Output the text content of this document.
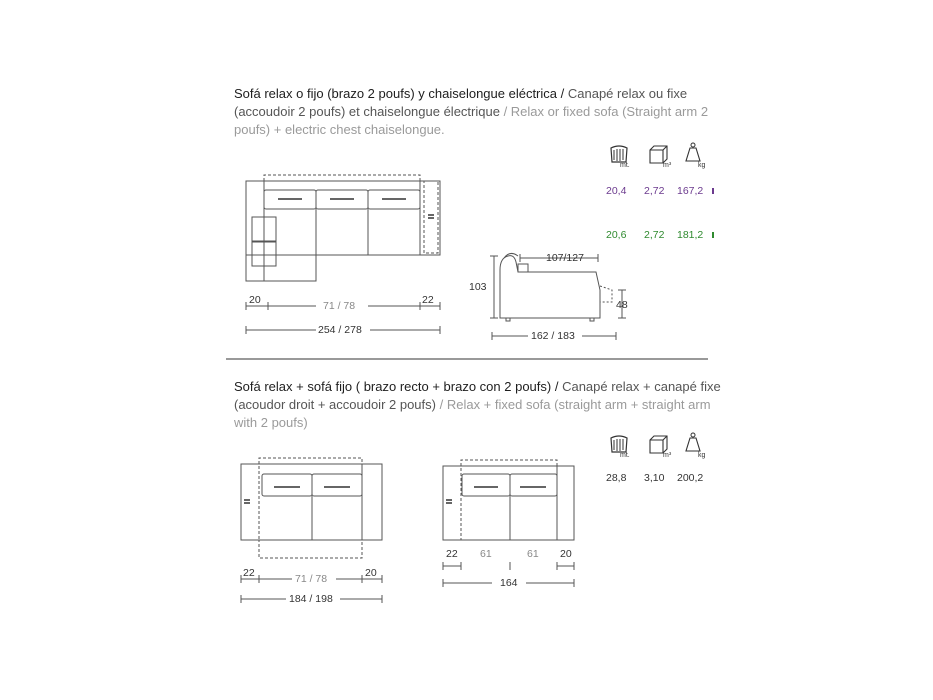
Sofá relax o fijo (brazo 2 poufs) y chaiselongue eléctrica / Canapé relax ou fixe (accoudoir 2 poufs) et chaiselongue électrique / Relax or fixed sofa (Straight arm 2 poufs) + electric chest chaiselongue.
mt.	m³	kg
20,4 2,72 167,2
20,6 2,72 181,2
20	71 / 78	22
254 / 278
107/127
103
48
162 / 183
Sofá relax + sofá fijo ( brazo recto + brazo con 2 poufs) / Canapé relax + canapé fixe (acoudor droit + accoudoir 2 poufs) / Relax + fixed sofa (straight arm + straight arm with 2 poufs)
mt.	m³	kg
28,8 3,10 200,2
22	71 / 78	20
184 / 198
22 61	61 20
164
